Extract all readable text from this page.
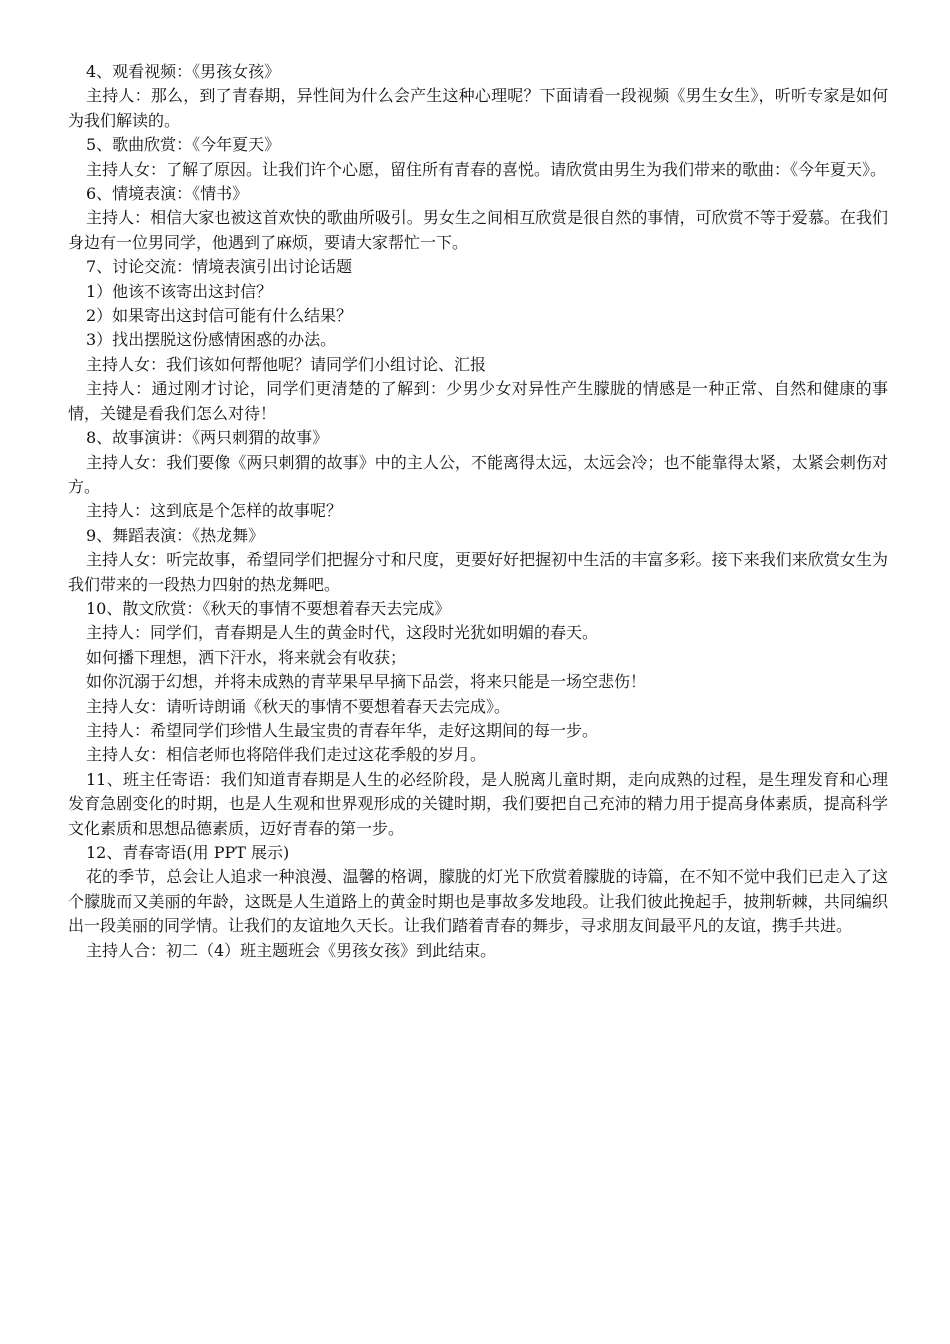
4、观看视频：《男孩女孩》

主持人：那么，到了青春期，异性间为什么会产生这种心理呢？下面请看一段视频《男生女生》，听听专家是如何为我们解读的。

5、歌曲欣赏：《今年夏天》

主持人女：了解了原因。让我们许个心愿，留住所有青春的喜悦。请欣赏由男生为我们带来的歌曲：《今年夏天》。

6、情境表演：《情书》

主持人：相信大家也被这首欢快的歌曲所吸引。男女生之间相互欣赏是很自然的事情，可欣赏不等于爱慕。在我们身边有一位男同学，他遇到了麻烦，要请大家帮忙一下。

7、讨论交流：情境表演引出讨论话题

1）他该不该寄出这封信？

2）如果寄出这封信可能有什么结果？

3）找出摆脱这份感情困惑的办法。

主持人女：我们该如何帮他呢？请同学们小组讨论、汇报

主持人：通过刚才讨论，同学们更清楚的了解到：少男少女对异性产生朦胧的情感是一种正常、自然和健康的事情，关键是看我们怎么对待！

8、故事演讲：《两只刺猬的故事》

主持人女：我们要像《两只刺猬的故事》中的主人公，不能离得太远，太远会冷；也不能靠得太紧，太紧会刺伤对方。

主持人：这到底是个怎样的故事呢？

9、舞蹈表演：《热龙舞》

主持人女：听完故事，希望同学们把握分寸和尺度，更要好好把握初中生活的丰富多彩。接下来我们来欣赏女生为我们带来的一段热力四射的热龙舞吧。

10、散文欣赏：《秋天的事情不要想着春天去完成》

主持人：同学们，青春期是人生的黄金时代，这段时光犹如明媚的春天。

如何播下理想，洒下汗水，将来就会有收获；

如你沉溺于幻想，并将未成熟的青苹果早早摘下品尝，将来只能是一场空悲伤！

主持人女：请听诗朗诵《秋天的事情不要想着春天去完成》。

主持人：希望同学们珍惜人生最宝贵的青春年华，走好这期间的每一步。

主持人女：相信老师也将陪伴我们走过这花季般的岁月。

11、班主任寄语：我们知道青春期是人生的必经阶段，是人脱离儿童时期，走向成熟的过程，是生理发育和心理发育急剧变化的时期，也是人生观和世界观形成的关键时期，我们要把自己充沛的精力用于提高身体素质，提高科学文化素质和思想品德素质，迈好青春的第一步。

12、青春寄语(用 PPT 展示)

花的季节，总会让人追求一种浪漫、温馨的格调，朦胧的灯光下欣赏着朦胧的诗篇，在不知不觉中我们已走入了这个朦胧而又美丽的年龄，这既是人生道路上的黄金时期也是事故多发地段。让我们彼此挽起手，披荆斩棘，共同编织出一段美丽的同学情。让我们的友谊地久天长。让我们踏着青春的舞步，寻求朋友间最平凡的友谊，携手共进。

主持人合：初二（4）班主题班会《男孩女孩》到此结束。
